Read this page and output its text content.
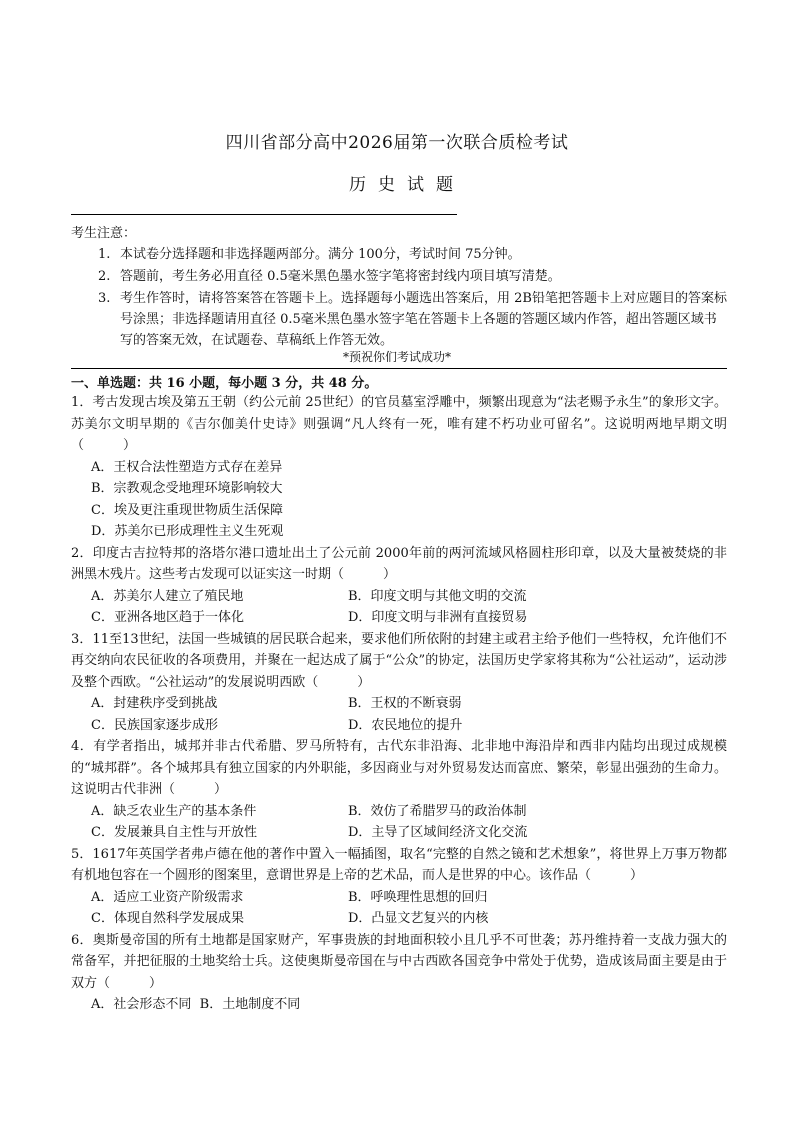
四川省部分高中2026届第一次联合质检考试
历史试题
考生注意：
1. 本试卷分选择题和非选择题两部分。满分 100分，考试时间 75分钟。
2. 答题前，考生务必用直径 0.5毫米黑色墨水签字笔将密封线内项目填写清楚。
3. 考生作答时，请将答案答在答题卡上。选择题每小题选出答案后，用 2B铅笔把答题卡上对应题目的答案标号涂黑；非选择题请用直径 0.5毫米黑色墨水签字笔在答题卡上各题的答题区域内作答，超出答题区域书写的答案无效，在试题卷、草稿纸上作答无效。
*预祝你们考试成功*
一、单选题：共 16 小题，每小题 3 分，共 48 分。
1．考古发现古埃及第五王朝（约公元前 25世纪）的官员墓室浮雕中，频繁出现意为“法老赐予永生”的象形文字。苏美尔文明早期的《吉尔伽美什史诗》则强调“凡人终有一死，唯有建不朽功业可留名”。这说明两地早期文明（　　　）
A．王权合法性塑造方式存在差异
B．宗教观念受地理环境影响较大
C．埃及更注重现世物质生活保障
D．苏美尔已形成理性主义生死观
2．印度古吉拉特邦的洛塔尔港口遗址出土了公元前 2000年前的两河流域风格圆柱形印章，以及大量被焚烧的非洲黑木残片。这些考古发现可以证实这一时期（　　　）
A．苏美尔人建立了殖民地	B．印度文明与其他文明的交流
C．亚洲各地区趋于一体化	D．印度文明与非洲有直接贸易
3．11至13世纪，法国一些城镇的居民联合起来，要求他们所依附的封建主或君主给予他们一些特权，允许他们不再交纳向农民征收的各项费用，并聚在一起达成了属于“公众”的协定，法国历史学家将其称为“公社运动”，运动涉及整个西欧。“公社运动”的发展说明西欧（　　　）
A．封建秩序受到挑战	B．王权的不断衰弱
C．民族国家逐步成形	D．农民地位的提升
4．有学者指出，城邦并非古代希腊、罗马所特有，古代东非沿海、北非地中海沿岸和西非内陆均出现过成规模的“城邦群”。各个城邦具有独立国家的内外职能，多因商业与对外贸易发达而富庶、繁荣，彰显出强劲的生命力。这说明古代非洲（　　　）
A．缺乏农业生产的基本条件	B．效仿了希腊罗马的政治体制
C．发展兼具自主性与开放性	D．主导了区域间经济文化交流
5．1617年英国学者弗卢德在他的著作中置入一幅插图，取名“完整的自然之镜和艺术想象”，将世界上万事万物都有机地包容在一个圆形的图案里，意谓世界是上帝的艺术品，而人是世界的中心。该作品（　　　）
A．适应工业资产阶级需求	B．呼唤理性思想的回归
C．体现自然科学发展成果	D．凸显文艺复兴的内核
6．奥斯曼帝国的所有土地都是国家财产，军事贵族的封地面积较小且几乎不可世袭；苏丹维持着一支战力强大的常备军，并把征服的土地奖给士兵。这使奥斯曼帝国在与中古西欧各国竞争中常处于优势，造成该局面主要是由于双方（　　　）
A．社会形态不同 B．土地制度不同
